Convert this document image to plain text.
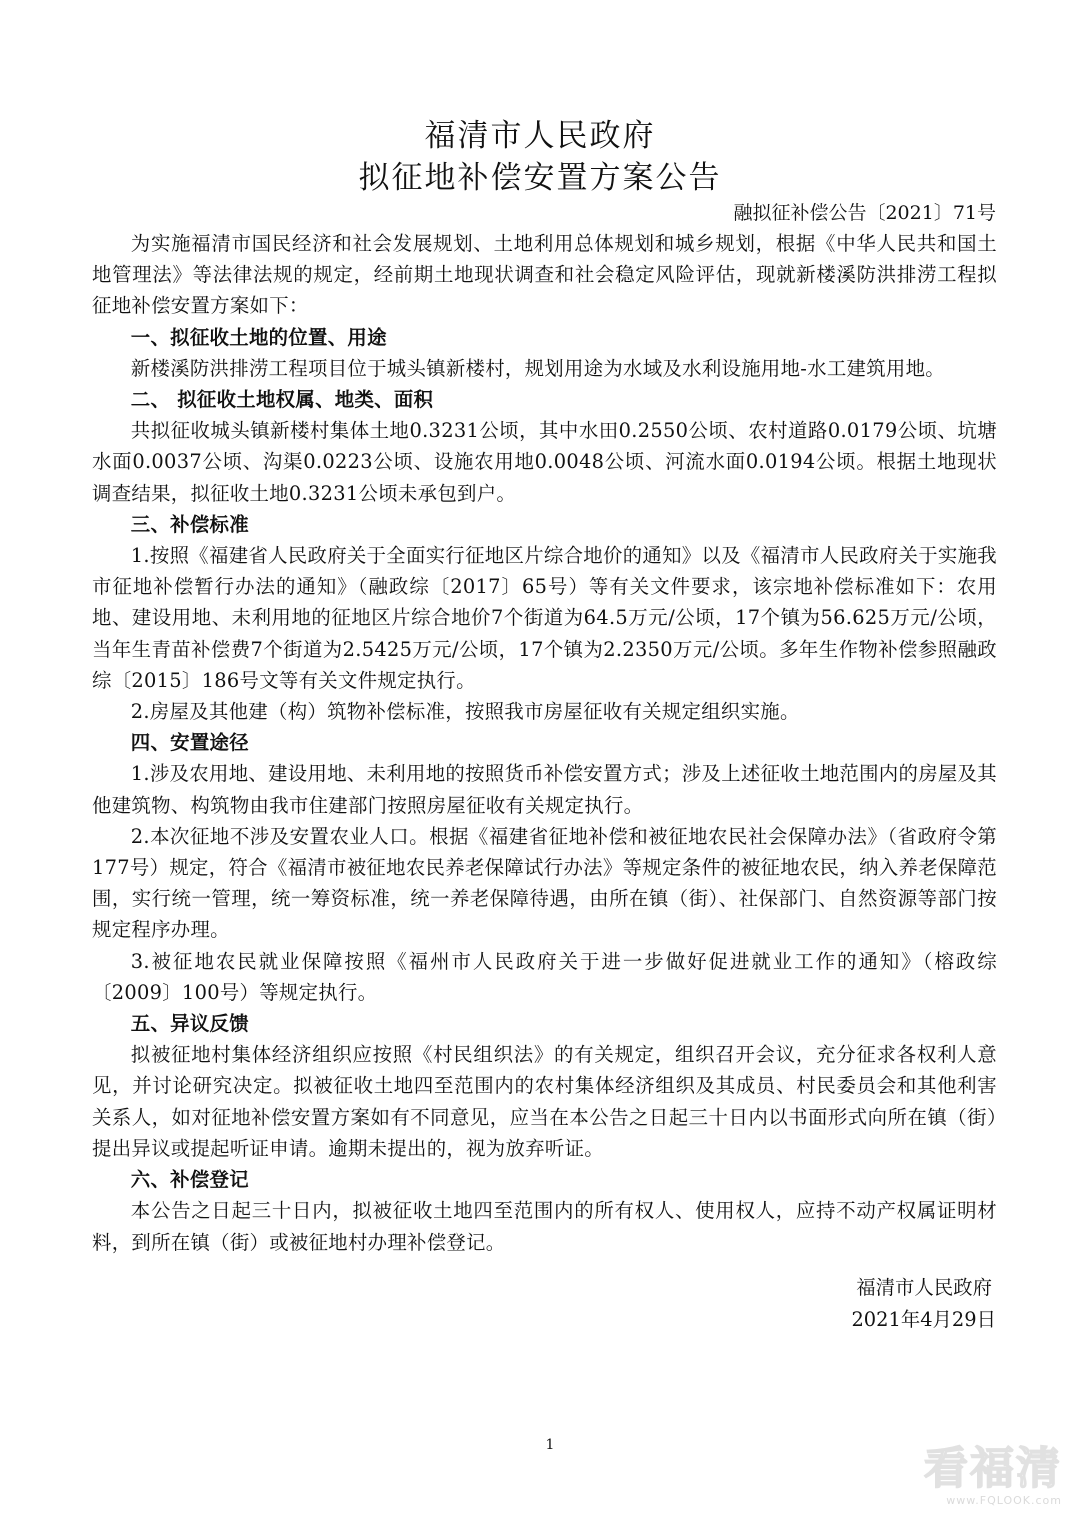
福清市人民政府
拟征地补偿安置方案公告
融拟征补偿公告〔2021〕71号

为实施福清市国民经济和社会发展规划、土地利用总体规划和城乡规划，根据《中华人民共和国土地管理法》等法律法规的规定，经前期土地现状调查和社会稳定风险评估，现就新楼溪防洪排涝工程拟征地补偿安置方案如下：

一、拟征收土地的位置、用途

新楼溪防洪排涝工程项目位于城头镇新楼村，规划用途为水域及水利设施用地-水工建筑用地。

二、 拟征收土地权属、地类、面积

共拟征收城头镇新楼村集体土地0.3231公顷，其中水田0.2550公顷、农村道路0.0179公顷、坑塘水面0.0037公顷、沟渠0.0223公顷、设施农用地0.0048公顷、河流水面0.0194公顷。根据土地现状调查结果，拟征收土地0.3231公顷未承包到户。

三、补偿标准

1.按照《福建省人民政府关于全面实行征地区片综合地价的通知》以及《福清市人民政府关于实施我市征地补偿暂行办法的通知》（融政综〔2017〕65号）等有关文件要求，该宗地补偿标准如下：农用地、建设用地、未利用地的征地区片综合地价7个街道为64.5万元/公顷，17个镇为56.625万元/公顷，当年生青苗补偿费7个街道为2.5425万元/公顷，17个镇为2.2350万元/公顷。多年生作物补偿参照融政综〔2015〕186号文等有关文件规定执行。

2.房屋及其他建（构）筑物补偿标准，按照我市房屋征收有关规定组织实施。

四、安置途径

1.涉及农用地、建设用地、未利用地的按照货币补偿安置方式；涉及上述征收土地范围内的房屋及其他建筑物、构筑物由我市住建部门按照房屋征收有关规定执行。

2.本次征地不涉及安置农业人口。根据《福建省征地补偿和被征地农民社会保障办法》（省政府令第177号）规定，符合《福清市被征地农民养老保障试行办法》等规定条件的被征地农民，纳入养老保障范围，实行统一管理，统一筹资标准，统一养老保障待遇，由所在镇（街）、社保部门、自然资源等部门按规定程序办理。

3.被征地农民就业保障按照《福州市人民政府关于进一步做好促进就业工作的通知》（榕政综〔2009〕100号）等规定执行。

五、异议反馈

拟被征地村集体经济组织应按照《村民组织法》的有关规定，组织召开会议，充分征求各权利人意见，并讨论研究决定。拟被征收土地四至范围内的农村集体经济组织及其成员、村民委员会和其他利害关系人，如对征地补偿安置方案如有不同意见，应当在本公告之日起三十日内以书面形式向所在镇（街）提出异议或提起听证申请。逾期未提出的，视为放弃听证。

六、补偿登记

本公告之日起三十日内，拟被征收土地四至范围内的所有权人、使用权人，应持不动产权属证明材料，到所在镇（街）或被征地村办理补偿登记。

福清市人民政府
2021年4月29日
1	看福清
www.FQLOOK.com
